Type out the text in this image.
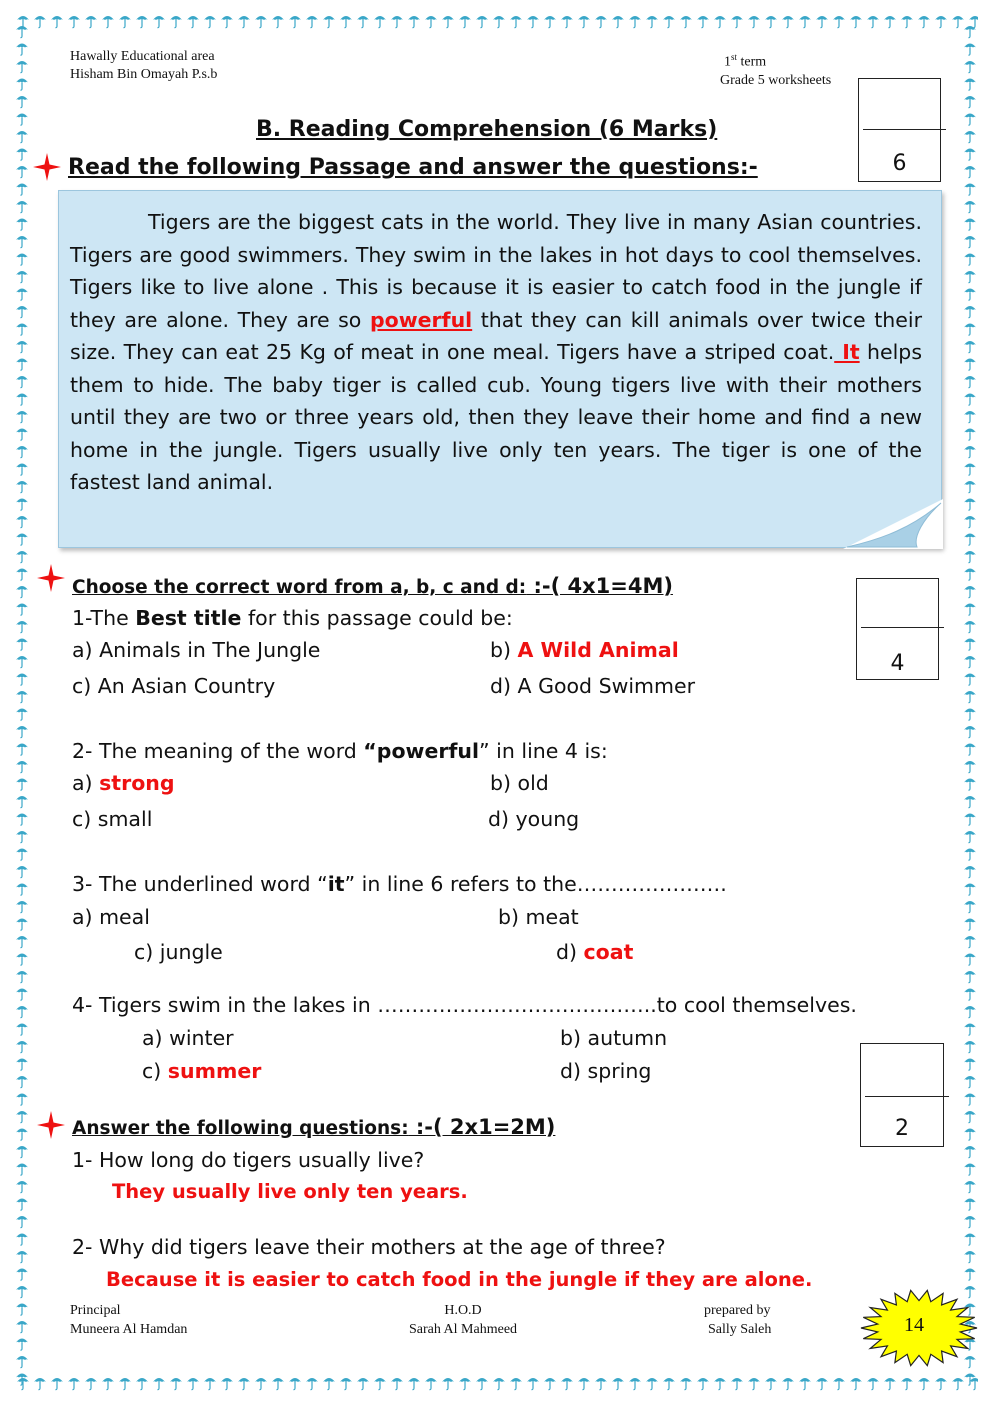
Hawally Educational area
Hisham Bin Omayah P.s.b
1st term
Grade 5 worksheets
6
B. Reading Comprehension (6 Marks)
Read the following Passage and answer the questions:-
Tigers are the biggest cats in the world. They live in many Asian countries. Tigers are good swimmers. They swim in the lakes in hot days to cool themselves. Tigers like to live alone . This is because it is easier to catch food in the jungle if they are alone. They are so powerful that they can kill animals over twice their size. They can eat 25 Kg of meat in one meal. Tigers have a striped coat. It helps them to hide. The baby tiger is called cub. Young tigers live with their mothers until they are two or three years old, then they leave their home and find a new home in the jungle. Tigers usually live only ten years. The tiger is one of the fastest land animal.
Choose the correct word from a, b, c and d: :-( 4x1=4M)
4
1-The Best title for this passage could be:
a) Animals in The Jungle	b) A Wild Animal
c) An Asian Country	d) A Good Swimmer
2- The meaning of the word “powerful” in line 4 is:
a) strong	b) old
c) small	d) young
3- The underlined word “it” in line 6 refers to the………………….
a) meal	b) meat
c) jungle	d) coat
4- Tigers swim in the lakes in …………………………………..to cool themselves.
a) winter	b) autumn
c) summer	d) spring
2
Answer the following questions: :-( 2x1=2M)
1- How long do tigers usually live?
They usually live only ten years.
2- Why did tigers leave their mothers at the age of three?
Because it is easier to catch food in the jungle if they are alone.
Principal
Muneera Al Hamdan
H.O.D
Sarah Al Mahmeed
prepared by
Sally Saleh	14
